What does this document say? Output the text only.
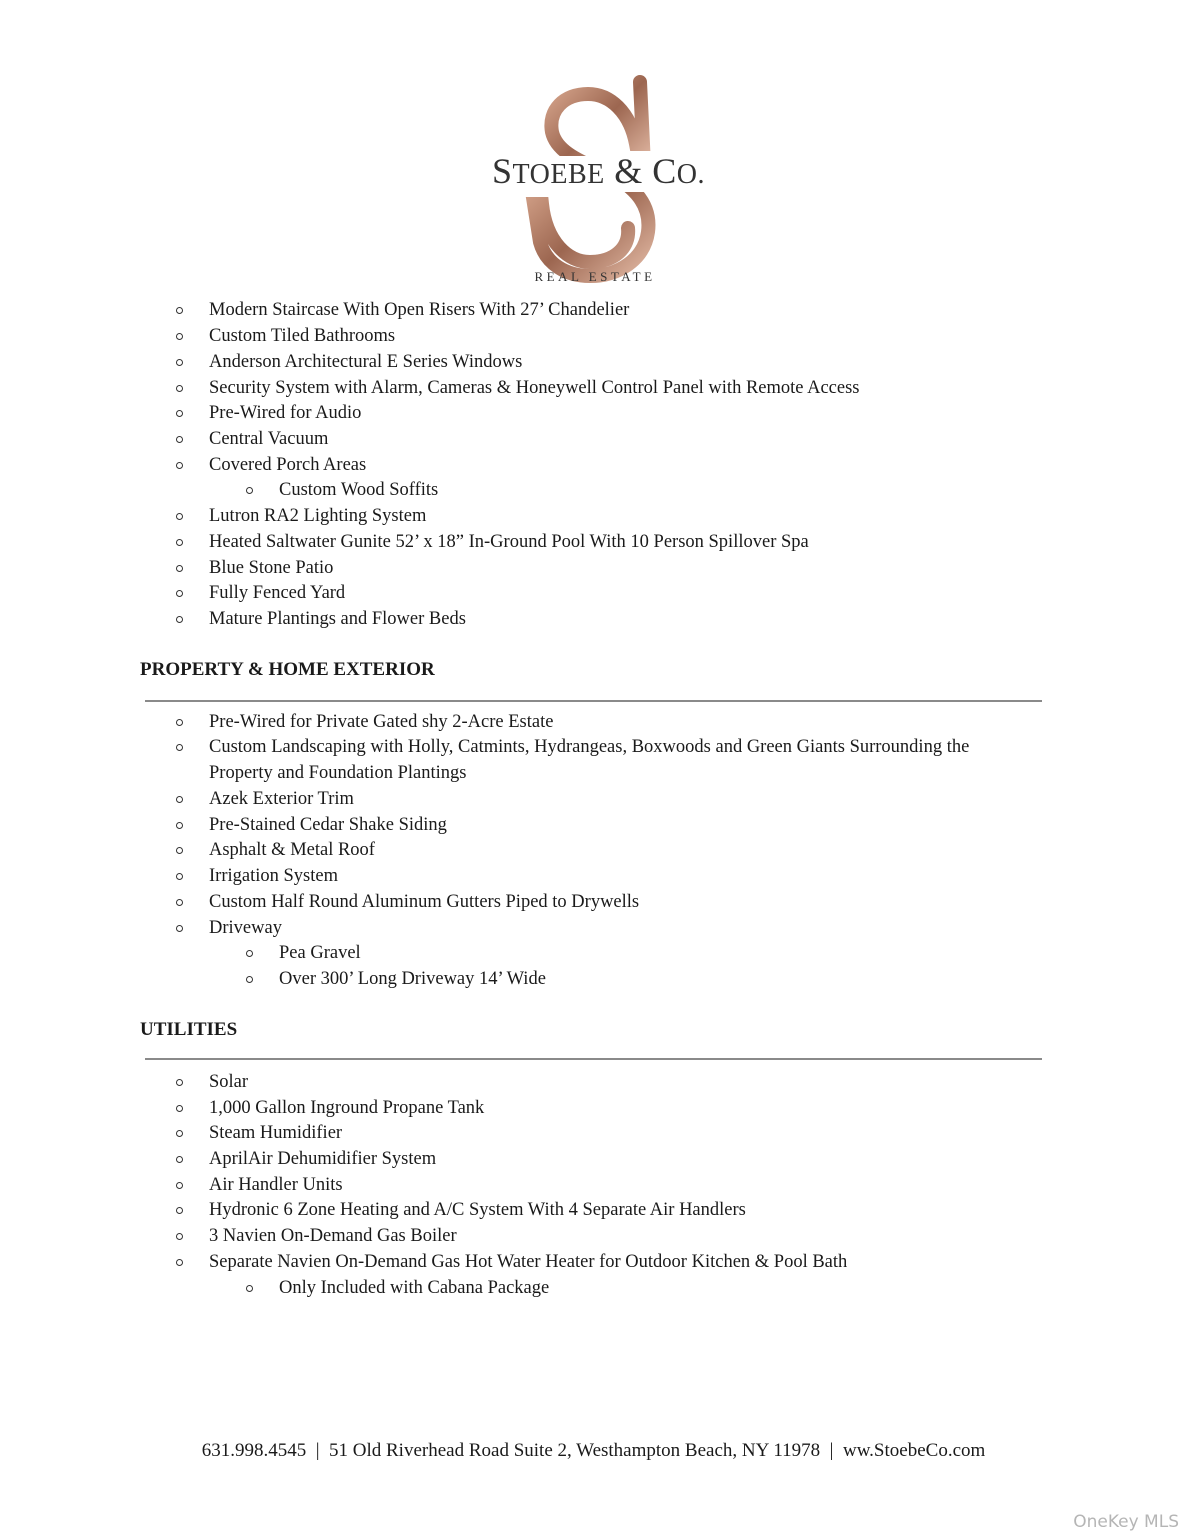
STOEBE & CO.
REAL ESTATE
Modern Staircase With Open Risers With 27’ Chandelier
Custom Tiled Bathrooms
Anderson Architectural E Series Windows
Security System with Alarm, Cameras & Honeywell Control Panel with Remote Access
Pre-Wired for Audio
Central Vacuum
Covered Porch Areas
Custom Wood Soffits
Lutron RA2 Lighting System
Heated Saltwater Gunite 52’ x 18” In-Ground Pool With 10 Person Spillover Spa
Blue Stone Patio
Fully Fenced Yard
Mature Plantings and Flower Beds
PROPERTY & HOME EXTERIOR
Pre-Wired for Private Gated shy 2-Acre Estate
Custom Landscaping with Holly, Catmints, Hydrangeas, Boxwoods and Green Giants Surrounding the Property and Foundation Plantings
Azek Exterior Trim
Pre-Stained Cedar Shake Siding
Asphalt & Metal Roof
Irrigation System
Custom Half Round Aluminum Gutters Piped to Drywells
Driveway
Pea Gravel
Over 300’ Long Driveway 14’ Wide
UTILITIES
Solar
1,000 Gallon Inground Propane Tank
Steam Humidifier
AprilAir Dehumidifier System
Air Handler Units
Hydronic 6 Zone Heating and A/C System With 4 Separate Air Handlers
3 Navien On-Demand Gas Boiler
Separate Navien On-Demand Gas Hot Water Heater for Outdoor Kitchen & Pool Bath
Only Included with Cabana Package
631.998.4545  |  51 Old Riverhead Road Suite 2, Westhampton Beach, NY 11978  |  ww.StoebeCo.com
OneKey MLS
